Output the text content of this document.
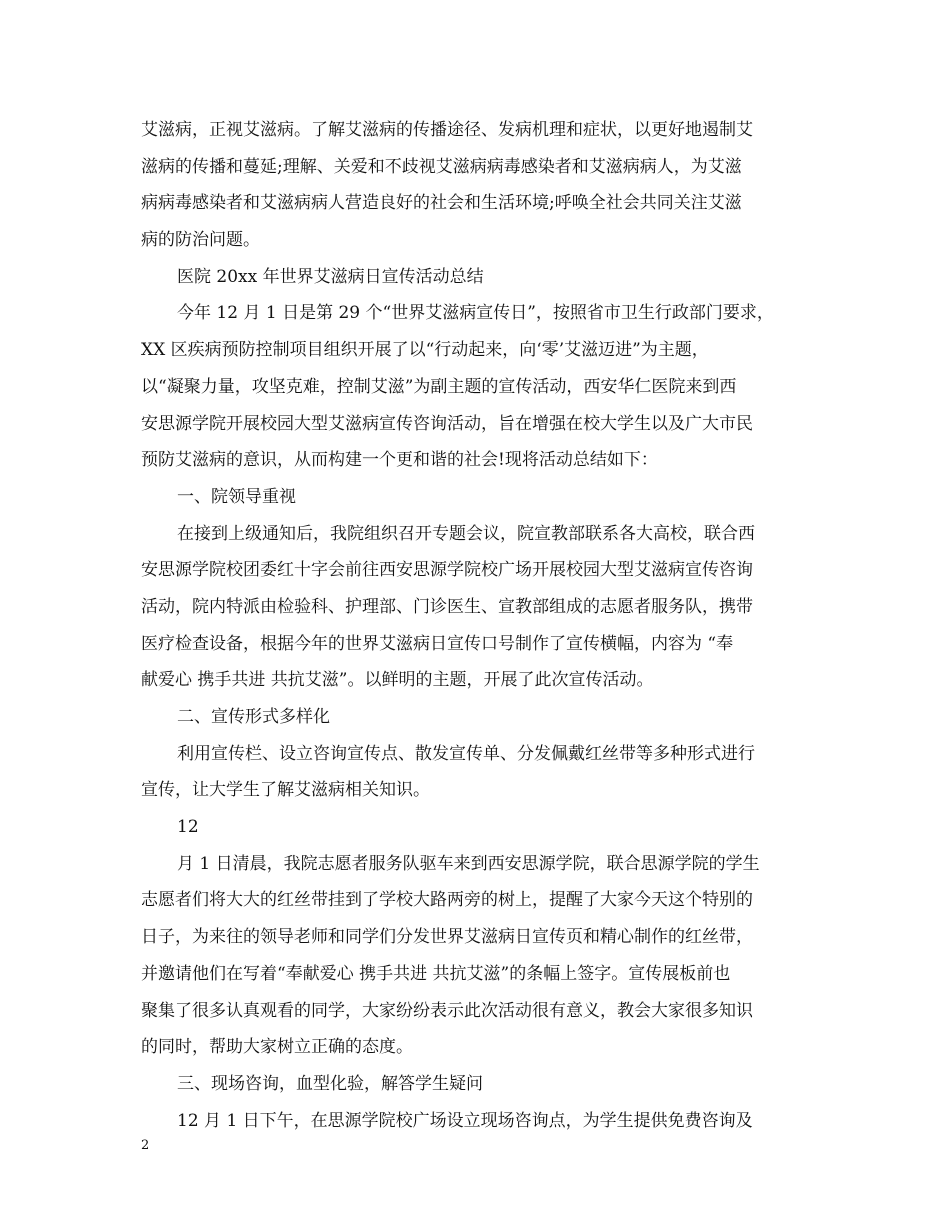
艾滋病，正视艾滋病。了解艾滋病的传播途径、发病机理和症状，以更好地遏制艾
滋病的传播和蔓延;理解、关爱和不歧视艾滋病病毒感染者和艾滋病病人，为艾滋
病病毒感染者和艾滋病病人营造良好的社会和生活环境;呼唤全社会共同关注艾滋
病的防治问题。
医院 20xx 年世界艾滋病日宣传活动总结
今年 12 月 1 日是第 29 个“世界艾滋病宣传日”，按照省市卫生行政部门要求，
XX 区疾病预防控制项目组织开展了以“行动起来，向‘零’艾滋迈进”为主题，
以“凝聚力量，攻坚克难，控制艾滋”为副主题的宣传活动，西安华仁医院来到西
安思源学院开展校园大型艾滋病宣传咨询活动，旨在增强在校大学生以及广大市民
预防艾滋病的意识，从而构建一个更和谐的社会!现将活动总结如下：
一、院领导重视
在接到上级通知后，我院组织召开专题会议，院宣教部联系各大高校，联合西
安思源学院校团委红十字会前往西安思源学院校广场开展校园大型艾滋病宣传咨询
活动，院内特派由检验科、护理部、门诊医生、宣教部组成的志愿者服务队，携带
医疗检查设备，根据今年的世界艾滋病日宣传口号制作了宣传横幅，内容为 “奉
献爱心 携手共进 共抗艾滋”。以鲜明的主题，开展了此次宣传活动。
二、宣传形式多样化
利用宣传栏、设立咨询宣传点、散发宣传单、分发佩戴红丝带等多种形式进行
宣传，让大学生了解艾滋病相关知识。
12
月 1 日清晨，我院志愿者服务队驱车来到西安思源学院，联合思源学院的学生
志愿者们将大大的红丝带挂到了学校大路两旁的树上，提醒了大家今天这个特别的
日子，为来往的领导老师和同学们分发世界艾滋病日宣传页和精心制作的红丝带，
并邀请他们在写着“奉献爱心 携手共进 共抗艾滋”的条幅上签字。宣传展板前也
聚集了很多认真观看的同学，大家纷纷表示此次活动很有意义，教会大家很多知识
的同时，帮助大家树立正确的态度。
三、现场咨询，血型化验，解答学生疑问
12 月 1 日下午，在思源学院校广场设立现场咨询点，为学生提供免费咨询及
2
